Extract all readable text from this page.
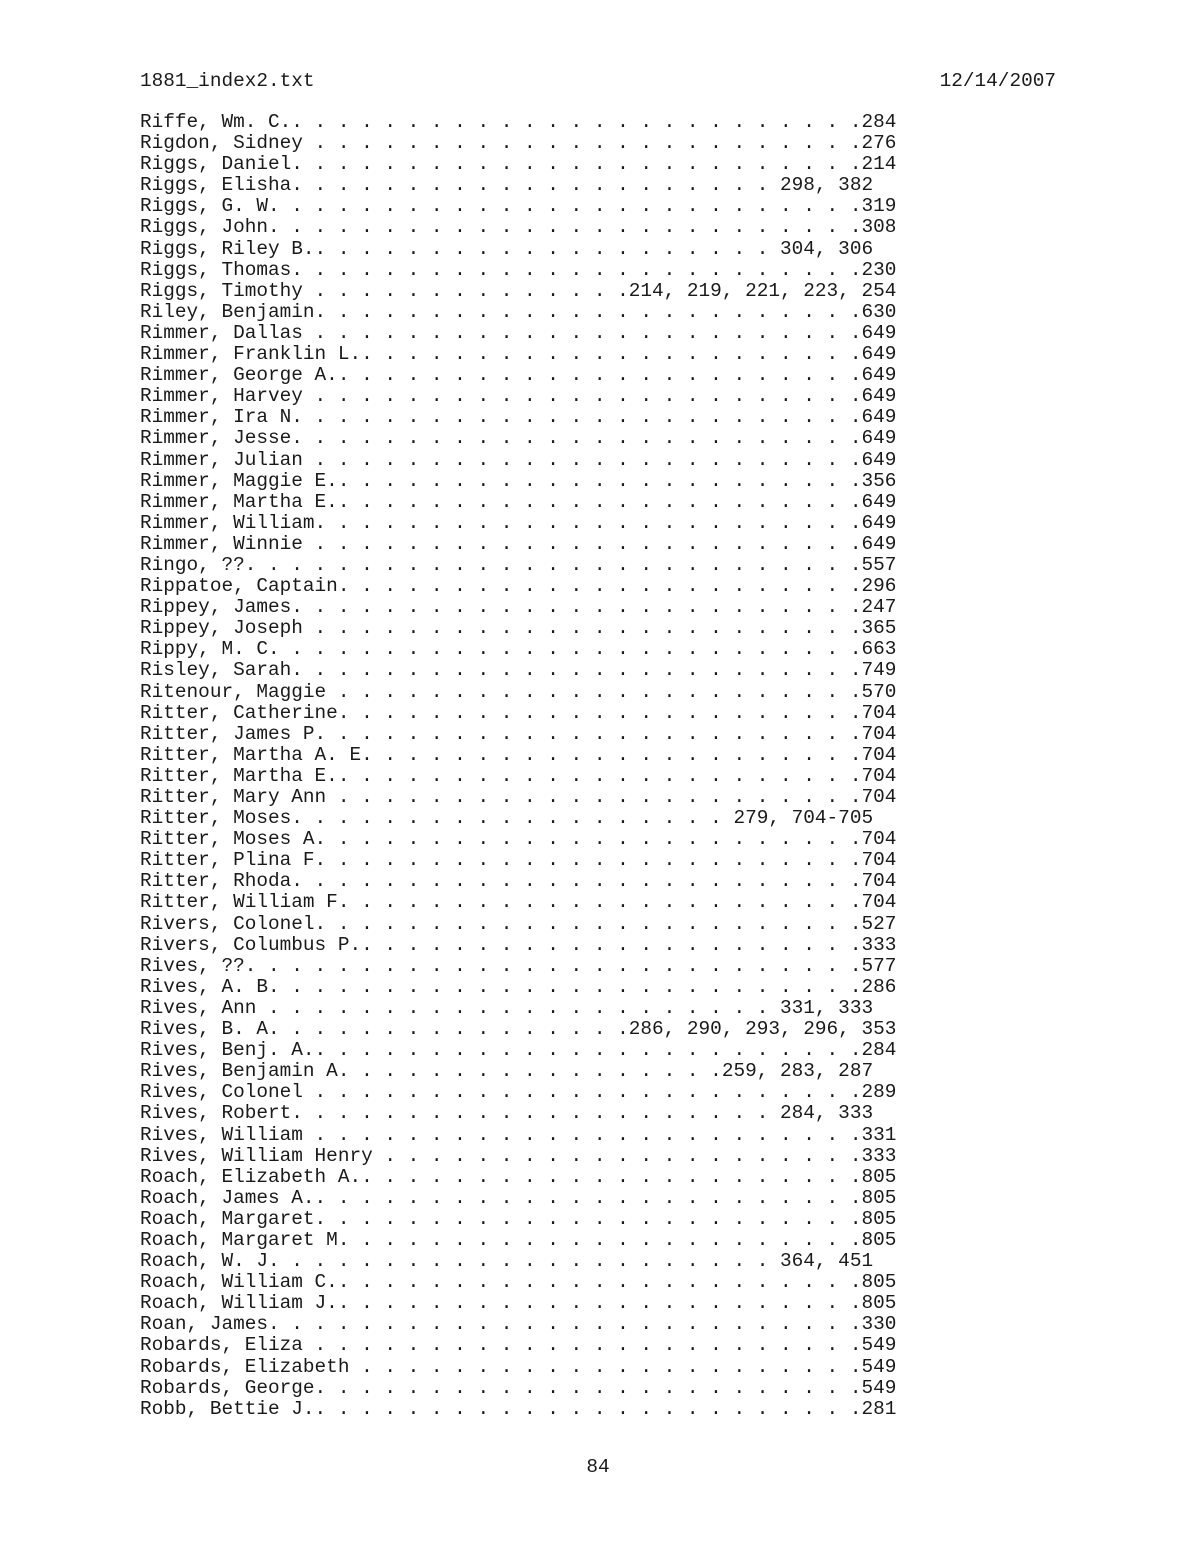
1881_index2.txt	12/14/2007
Riffe, Wm. C.. . . . . . . . . . . . . . . . . . . . . . . . .284
Rigdon, Sidney . . . . . . . . . . . . . . . . . . . . . . . .276
Riggs, Daniel. . . . . . . . . . . . . . . . . . . . . . . . .214
Riggs, Elisha. . . . . . . . . . . . . . . . . . . . . 298, 382
Riggs, G. W. . . . . . . . . . . . . . . . . . . . . . . . . .319
Riggs, John. . . . . . . . . . . . . . . . . . . . . . . . . .308
Riggs, Riley B.. . . . . . . . . . . . . . . . . . . . 304, 306
Riggs, Thomas. . . . . . . . . . . . . . . . . . . . . . . . .230
Riggs, Timothy . . . . . . . . . . . . . .214, 219, 221, 223, 254
Riley, Benjamin. . . . . . . . . . . . . . . . . . . . . . . .630
Rimmer, Dallas . . . . . . . . . . . . . . . . . . . . . . . .649
Rimmer, Franklin L.. . . . . . . . . . . . . . . . . . . . . .649
Rimmer, George A.. . . . . . . . . . . . . . . . . . . . . . .649
Rimmer, Harvey . . . . . . . . . . . . . . . . . . . . . . . .649
Rimmer, Ira N. . . . . . . . . . . . . . . . . . . . . . . . .649
Rimmer, Jesse. . . . . . . . . . . . . . . . . . . . . . . . .649
Rimmer, Julian . . . . . . . . . . . . . . . . . . . . . . . .649
Rimmer, Maggie E.. . . . . . . . . . . . . . . . . . . . . . .356
Rimmer, Martha E.. . . . . . . . . . . . . . . . . . . . . . .649
Rimmer, William. . . . . . . . . . . . . . . . . . . . . . . .649
Rimmer, Winnie . . . . . . . . . . . . . . . . . . . . . . . .649
Ringo, ??. . . . . . . . . . . . . . . . . . . . . . . . . . .557
Rippatoe, Captain. . . . . . . . . . . . . . . . . . . . . . .296
Rippey, James. . . . . . . . . . . . . . . . . . . . . . . . .247
Rippey, Joseph . . . . . . . . . . . . . . . . . . . . . . . .365
Rippy, M. C. . . . . . . . . . . . . . . . . . . . . . . . . .663
Risley, Sarah. . . . . . . . . . . . . . . . . . . . . . . . .749
Ritenour, Maggie . . . . . . . . . . . . . . . . . . . . . . .570
Ritter, Catherine. . . . . . . . . . . . . . . . . . . . . . .704
Ritter, James P. . . . . . . . . . . . . . . . . . . . . . . .704
Ritter, Martha A. E. . . . . . . . . . . . . . . . . . . . . .704
Ritter, Martha E.. . . . . . . . . . . . . . . . . . . . . . .704
Ritter, Mary Ann . . . . . . . . . . . . . . . . . . . . . . .704
Ritter, Moses. . . . . . . . . . . . . . . . . . . 279, 704-705
Ritter, Moses A. . . . . . . . . . . . . . . . . . . . . . . .704
Ritter, Plina F. . . . . . . . . . . . . . . . . . . . . . . .704
Ritter, Rhoda. . . . . . . . . . . . . . . . . . . . . . . . .704
Ritter, William F. . . . . . . . . . . . . . . . . . . . . . .704
Rivers, Colonel. . . . . . . . . . . . . . . . . . . . . . . .527
Rivers, Columbus P.. . . . . . . . . . . . . . . . . . . . . .333
Rives, ??. . . . . . . . . . . . . . . . . . . . . . . . . . .577
Rives, A. B. . . . . . . . . . . . . . . . . . . . . . . . . .286
Rives, Ann . . . . . . . . . . . . . . . . . . . . . . 331, 333
Rives, B. A. . . . . . . . . . . . . . . .286, 290, 293, 296, 353
Rives, Benj. A.. . . . . . . . . . . . . . . . . . . . . . . .284
Rives, Benjamin A. . . . . . . . . . . . . . . . .259, 283, 287
Rives, Colonel . . . . . . . . . . . . . . . . . . . . . . . .289
Rives, Robert. . . . . . . . . . . . . . . . . . . . . 284, 333
Rives, William . . . . . . . . . . . . . . . . . . . . . . . .331
Rives, William Henry . . . . . . . . . . . . . . . . . . . . .333
Roach, Elizabeth A.. . . . . . . . . . . . . . . . . . . . . .805
Roach, James A.. . . . . . . . . . . . . . . . . . . . . . . .805
Roach, Margaret. . . . . . . . . . . . . . . . . . . . . . . .805
Roach, Margaret M. . . . . . . . . . . . . . . . . . . . . . .805
Roach, W. J. . . . . . . . . . . . . . . . . . . . . . 364, 451
Roach, William C.. . . . . . . . . . . . . . . . . . . . . . .805
Roach, William J.. . . . . . . . . . . . . . . . . . . . . . .805
Roan, James. . . . . . . . . . . . . . . . . . . . . . . . . .330
Robards, Eliza . . . . . . . . . . . . . . . . . . . . . . . .549
Robards, Elizabeth . . . . . . . . . . . . . . . . . . . . . .549
Robards, George. . . . . . . . . . . . . . . . . . . . . . . .549
Robb, Bettie J.. . . . . . . . . . . . . . . . . . . . . . . .281
84
